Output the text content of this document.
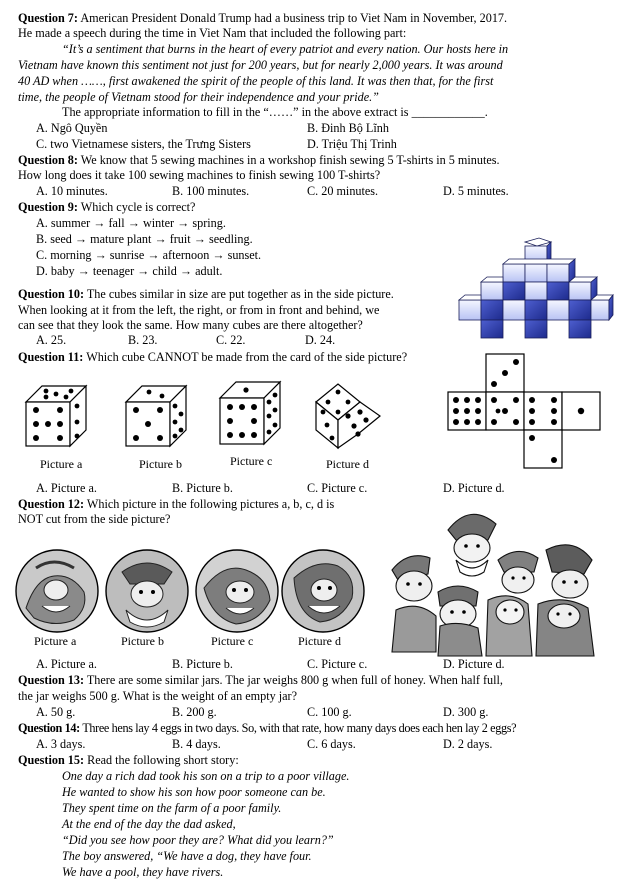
Question 7: American President Donald Trump had a business trip to Viet Nam in November, 2017.
He made a speech during the time in Viet Nam that included the following part:
“It’s a sentiment that burns in the heart of every patriot and every nation. Our hosts here in
Vietnam have known this sentiment not just for 200 years, but for nearly 2,000 years. It was around
40 AD when ……, first awakened the spirit of the people of this land. It was then that, for the first
time, the people of Vietnam stood for their independence and your pride.”
The appropriate information to fill in the “……” in the above extract is ____________.
A. Ngô Quyền	B. Đinh Bộ Lĩnh
C. two Vietnamese sisters, the Trưng Sisters	D. Triệu Thị Trinh
Question 8: We know that 5 sewing machines in a workshop finish sewing 5 T-shirts in 5 minutes.
How long does it take 100 sewing machines to finish sewing 100 T-shirts?
A. 10 minutes.	B. 100 minutes.	C. 20 minutes.	D. 5 minutes.
Question 9: Which cycle is correct?
A. summer → fall → winter → spring.
B. seed → mature plant → fruit → seedling.
C. morning → sunrise → afternoon → sunset.
D. baby → teenager → child → adult.
Question 10: The cubes similar in size are put together as in the side picture.
When looking at it from the left, the right, or from in front and behind, we
can see that they look the same. How many cubes are there altogether?
A. 25.	B. 23.	C. 22.	D. 24.
Question 11: Which cube CANNOT be made from the card of the side picture?
Picture a	Picture b	Picture c	Picture d
A. Picture a.	B. Picture b.	C. Picture c.	D. Picture d.
Question 12: Which picture in the following pictures a, b, c, d is
NOT cut from the side picture?
Picture a	Picture b	Picture c	Picture d
A. Picture a.	B. Picture b.	C. Picture c.	D. Picture d.
Question 13: There are some similar jars. The jar weighs 800 g when full of honey. When half full,
the jar weighs 500 g. What is the weight of an empty jar?
A. 50 g.	B. 200 g.	C. 100 g.	D. 300 g.
Question 14: Three hens lay 4 eggs in two days. So, with that rate, how many days does each hen lay 2 eggs?
A. 3 days.	B. 4 days.	C. 6 days.	D. 2 days.
Question 15: Read the following short story:
One day a rich dad took his son on a trip to a poor village.
He wanted to show his son how poor someone can be.
They spent time on the farm of a poor family.
At the end of the day the dad asked,
“Did you see how poor they are? What did you learn?”
The boy answered, “We have a dog, they have four.
We have a pool, they have rivers.
